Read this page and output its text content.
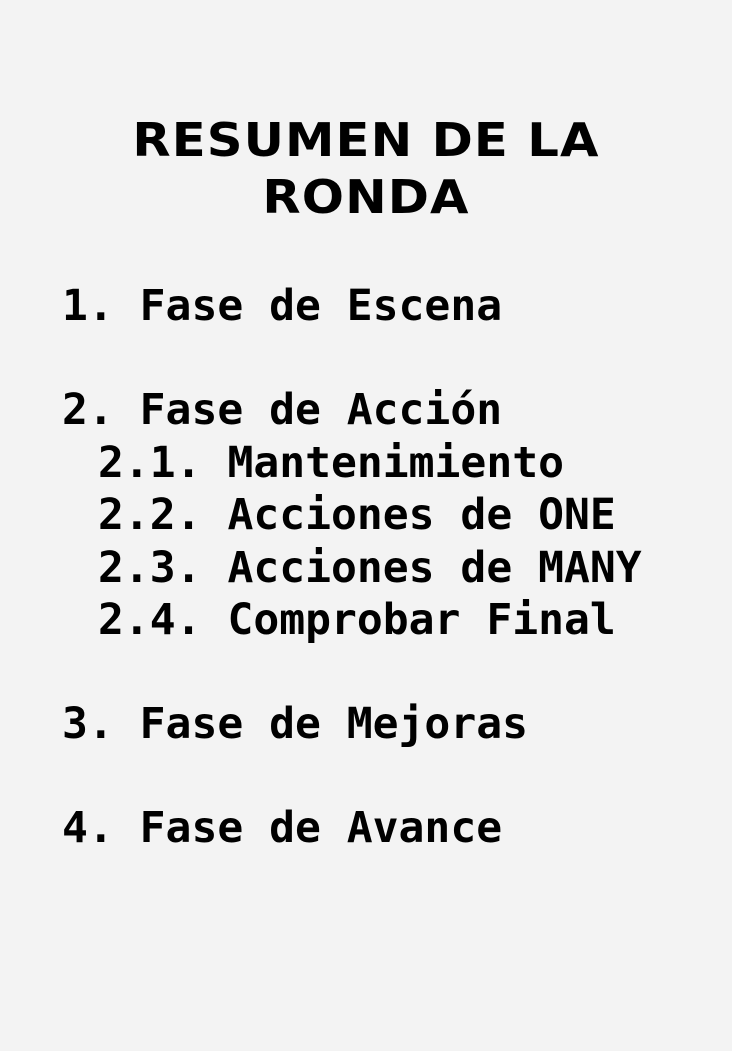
RESUMEN DE LA
RONDA
1. Fase de Escena
2. Fase de Acción
2.1. Mantenimiento
2.2. Acciones de ONE
2.3. Acciones de MANY
2.4. Comprobar Final
3. Fase de Mejoras
4. Fase de Avance
